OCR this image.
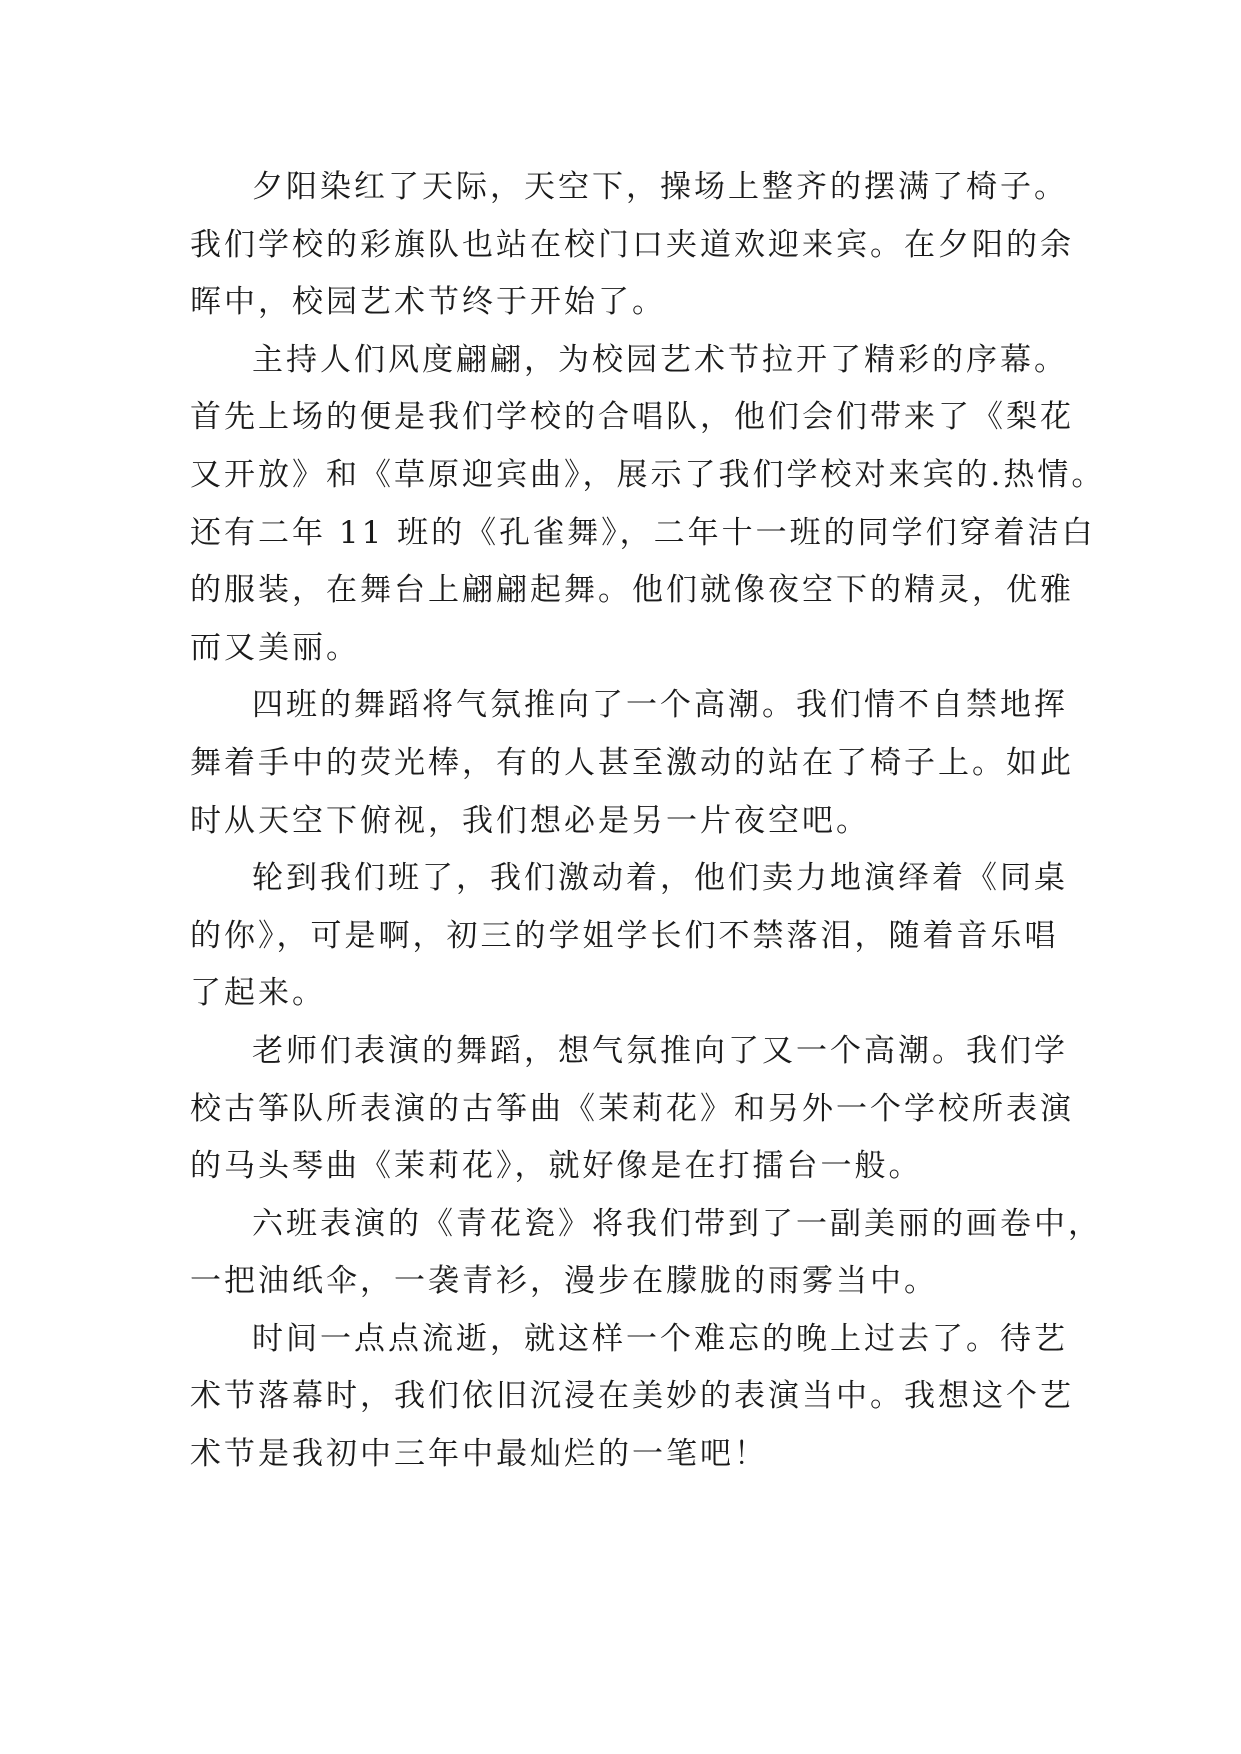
夕阳染红了天际，天空下，操场上整齐的摆满了椅子。
我们学校的彩旗队也站在校门口夹道欢迎来宾。在夕阳的余
晖中，校园艺术节终于开始了。

主持人们风度翩翩，为校园艺术节拉开了精彩的序幕。
首先上场的便是我们学校的合唱队，他们会们带来了《梨花
又开放》和《草原迎宾曲》，展示了我们学校对来宾的.热情。
还有二年 11 班的《孔雀舞》，二年十一班的同学们穿着洁白
的服装，在舞台上翩翩起舞。他们就像夜空下的精灵，优雅
而又美丽。

四班的舞蹈将气氛推向了一个高潮。我们情不自禁地挥
舞着手中的荧光棒，有的人甚至激动的站在了椅子上。如此
时从天空下俯视，我们想必是另一片夜空吧。

轮到我们班了，我们激动着，他们卖力地演绎着《同桌
的你》，可是啊，初三的学姐学长们不禁落泪，随着音乐唱
了起来。

老师们表演的舞蹈，想气氛推向了又一个高潮。我们学
校古筝队所表演的古筝曲《茉莉花》和另外一个学校所表演
的马头琴曲《茉莉花》，就好像是在打擂台一般。

六班表演的《青花瓷》将我们带到了一副美丽的画卷中，
一把油纸伞，一袭青衫，漫步在朦胧的雨雾当中。

时间一点点流逝，就这样一个难忘的晚上过去了。待艺
术节落幕时，我们依旧沉浸在美妙的表演当中。我想这个艺
术节是我初中三年中最灿烂的一笔吧！
